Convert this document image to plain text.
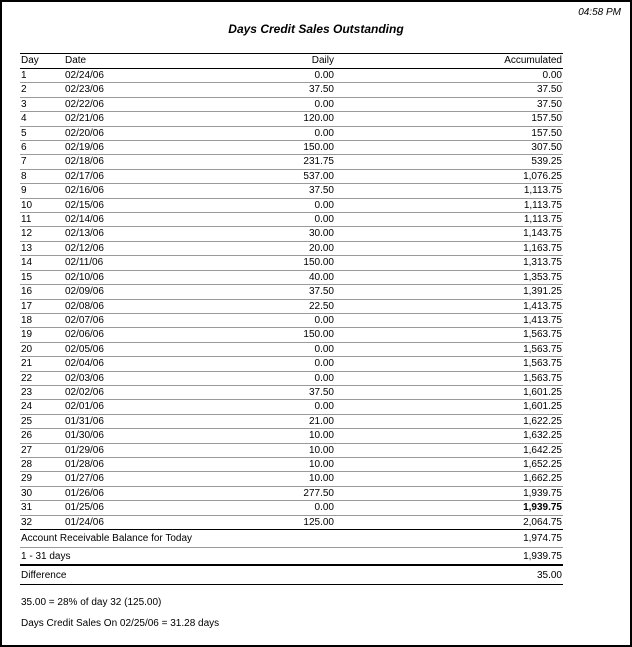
04:58 PM
Days Credit Sales Outstanding
Day	Date	Daily	Accumulated
1	02/24/06	0.00	0.00
2	02/23/06	37.50	37.50
3	02/22/06	0.00	37.50
4	02/21/06	120.00	157.50
5	02/20/06	0.00	157.50
6	02/19/06	150.00	307.50
7	02/18/06	231.75	539.25
8	02/17/06	537.00	1,076.25
9	02/16/06	37.50	1,113.75
10	02/15/06	0.00	1,113.75
11	02/14/06	0.00	1,113.75
12	02/13/06	30.00	1,143.75
13	02/12/06	20.00	1,163.75
14	02/11/06	150.00	1,313.75
15	02/10/06	40.00	1,353.75
16	02/09/06	37.50	1,391.25
17	02/08/06	22.50	1,413.75
18	02/07/06	0.00	1,413.75
19	02/06/06	150.00	1,563.75
20	02/05/06	0.00	1,563.75
21	02/04/06	0.00	1,563.75
22	02/03/06	0.00	1,563.75
23	02/02/06	37.50	1,601.25
24	02/01/06	0.00	1,601.25
25	01/31/06	21.00	1,622.25
26	01/30/06	10.00	1,632.25
27	01/29/06	10.00	1,642.25
28	01/28/06	10.00	1,652.25
29	01/27/06	10.00	1,662.25
30	01/26/06	277.50	1,939.75
31	01/25/06	0.00	1,939.75
32	01/24/06	125.00	2,064.75
Account Receivable Balance for Today	1,974.75
1 - 31 days	1,939.75
Difference	35.00
35.00 = 28% of day 32 (125.00)
Days Credit Sales On 02/25/06 = 31.28 days
